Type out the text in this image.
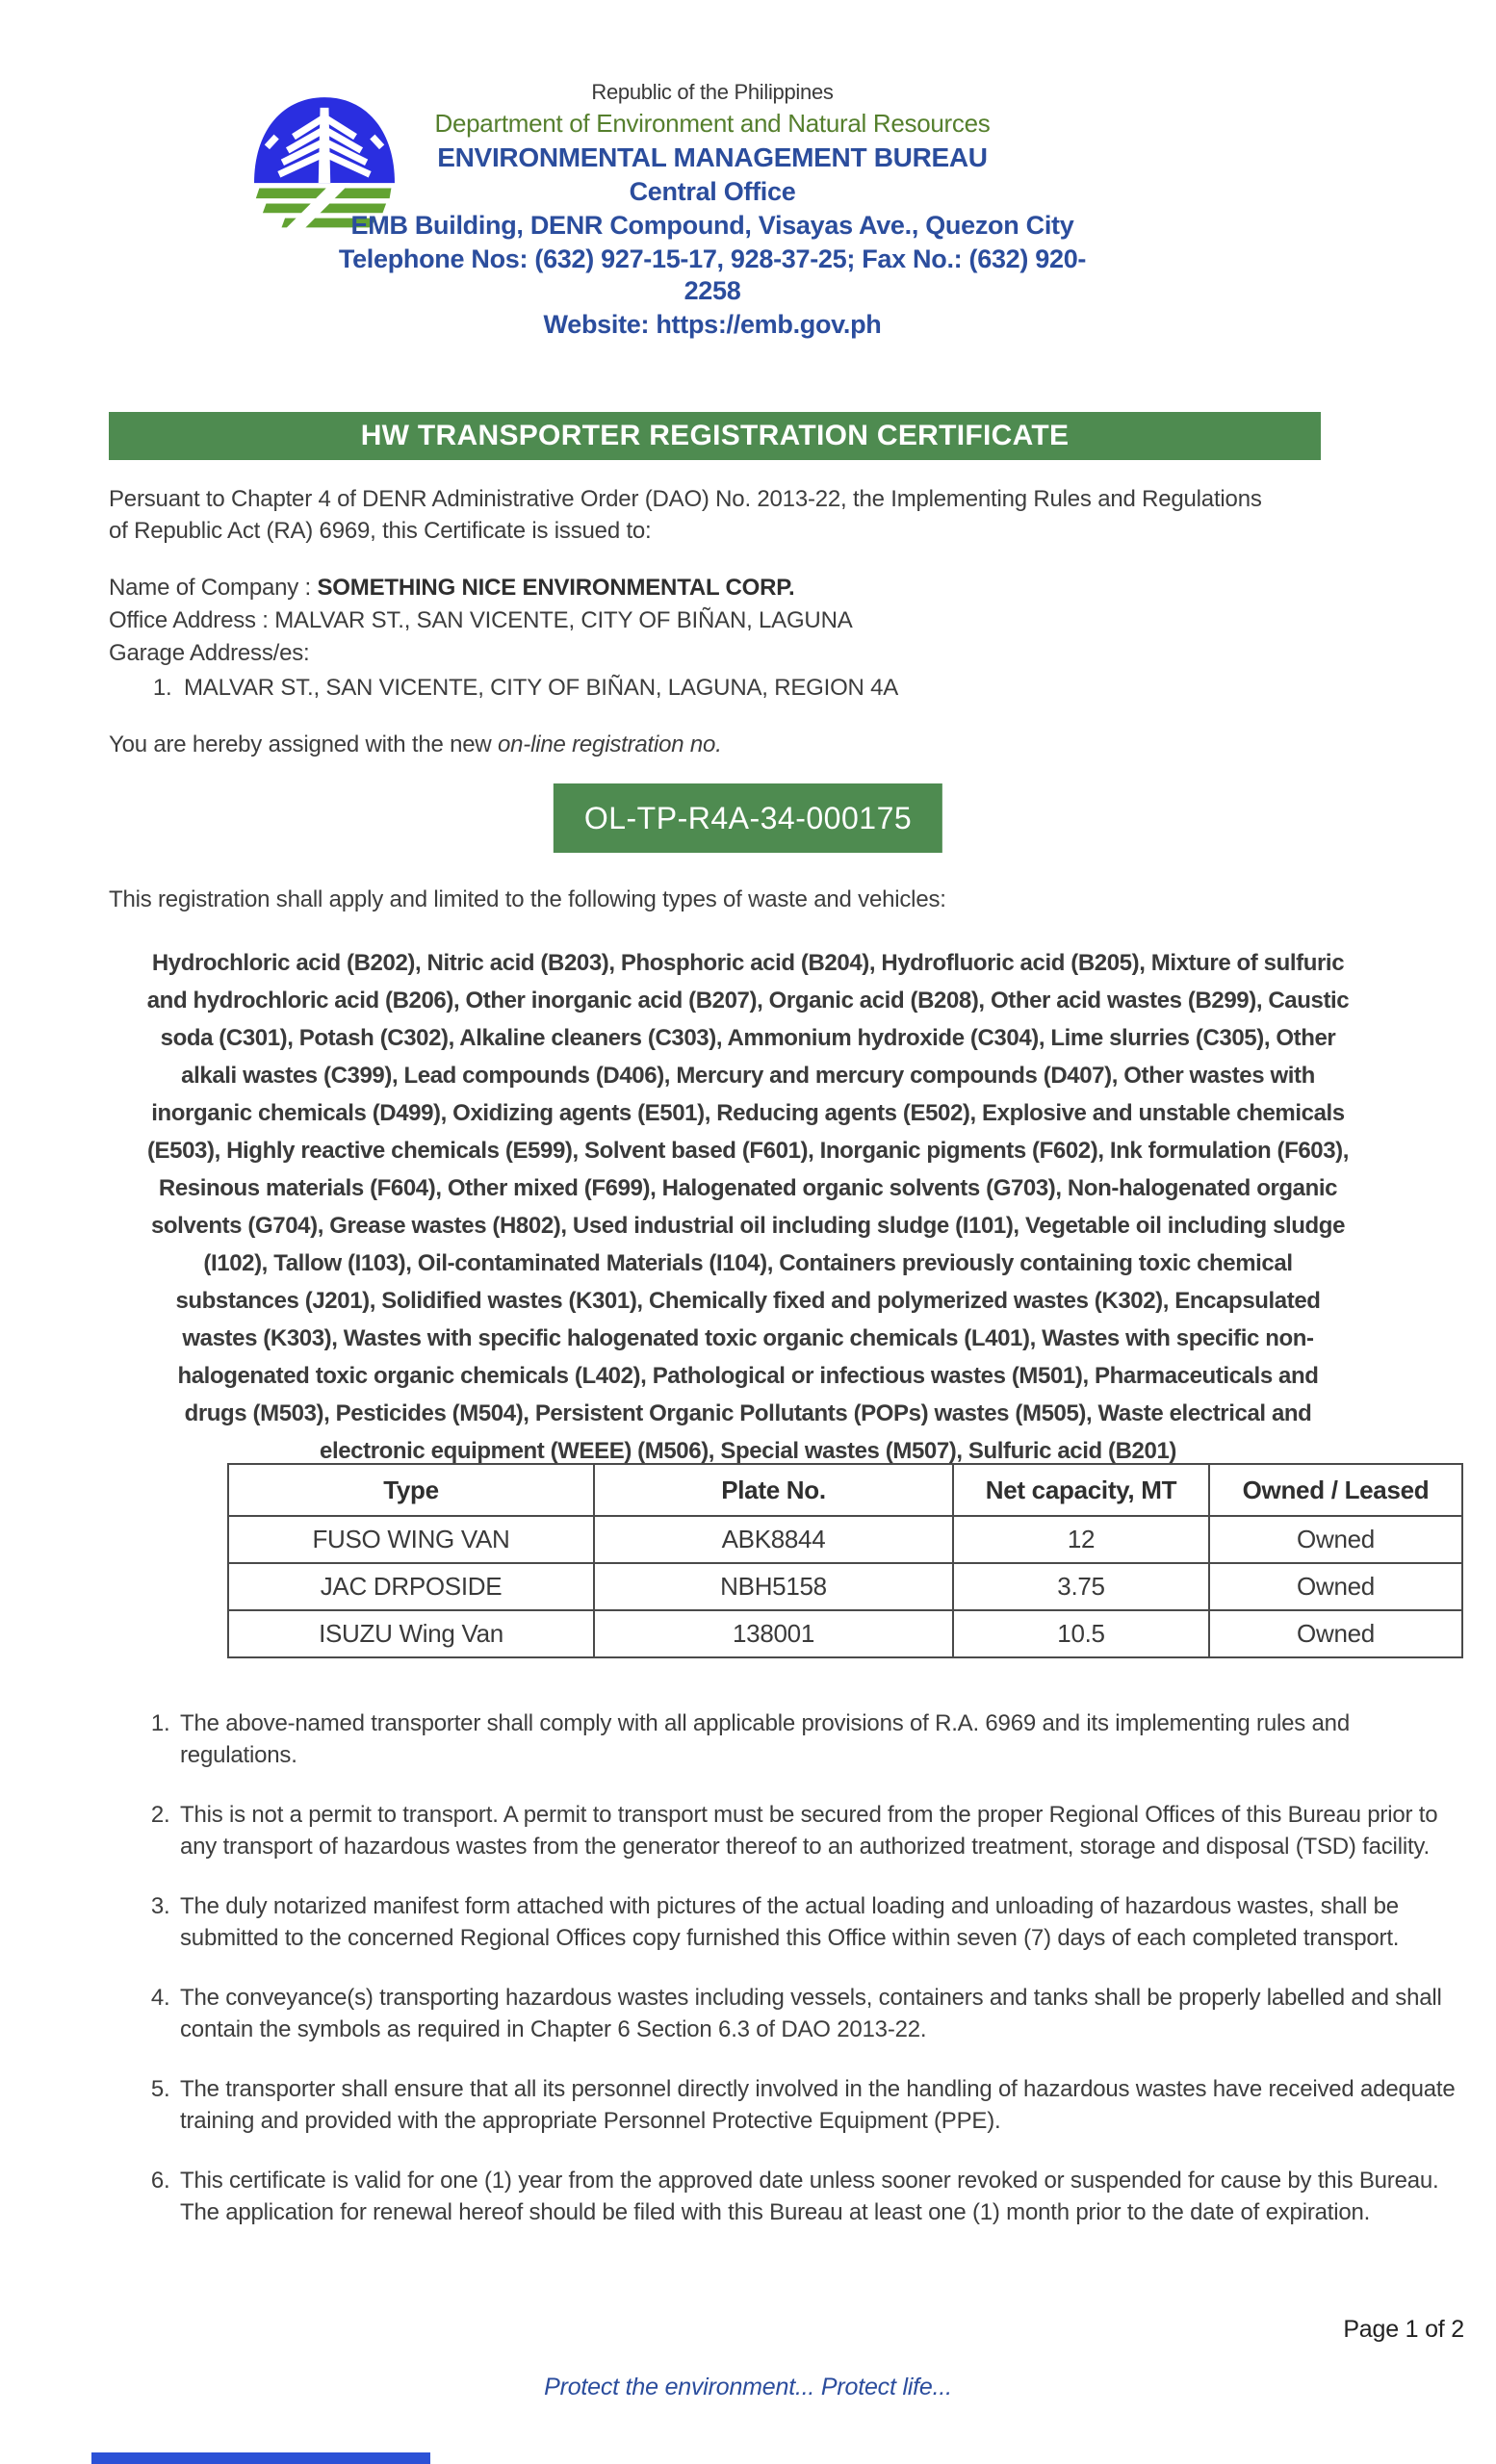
Republic of the Philippines
Department of Environment and Natural Resources
ENVIRONMENTAL MANAGEMENT BUREAU
Central Office
EMB Building, DENR Compound, Visayas Ave., Quezon City
Telephone Nos: (632) 927-15-17, 928-37-25; Fax No.: (632) 920-2258
Website: https://emb.gov.ph
HW TRANSPORTER REGISTRATION CERTIFICATE

Persuant to Chapter 4 of DENR Administrative Order (DAO) No. 2013-22, the Implementing Rules and Regulations of Republic Act (RA) 6969, this Certificate is issued to:

Name of Company : SOMETHING NICE ENVIRONMENTAL CORP.
Office Address : MALVAR ST., SAN VICENTE, CITY OF BIÑAN, LAGUNA
Garage Address/es:
1. MALVAR ST., SAN VICENTE, CITY OF BIÑAN, LAGUNA, REGION 4A

You are hereby assigned with the new on-line registration no.

OL-TP-R4A-34-000175

This registration shall apply and limited to the following types of waste and vehicles:

Hydrochloric acid (B202), Nitric acid (B203), Phosphoric acid (B204), Hydrofluoric acid (B205), Mixture of sulfuric and hydrochloric acid (B206), Other inorganic acid (B207), Organic acid (B208), Other acid wastes (B299), Caustic soda (C301), Potash (C302), Alkaline cleaners (C303), Ammonium hydroxide (C304), Lime slurries (C305), Other alkali wastes (C399), Lead compounds (D406), Mercury and mercury compounds (D407), Other wastes with inorganic chemicals (D499), Oxidizing agents (E501), Reducing agents (E502), Explosive and unstable chemicals (E503), Highly reactive chemicals (E599), Solvent based (F601), Inorganic pigments (F602), Ink formulation (F603), Resinous materials (F604), Other mixed (F699), Halogenated organic solvents (G703), Non-halogenated organic solvents (G704), Grease wastes (H802), Used industrial oil including sludge (I101), Vegetable oil including sludge (I102), Tallow (I103), Oil-contaminated Materials (I104), Containers previously containing toxic chemical substances (J201), Solidified wastes (K301), Chemically fixed and polymerized wastes (K302), Encapsulated wastes (K303), Wastes with specific halogenated toxic organic chemicals (L401), Wastes with specific non-halogenated toxic organic chemicals (L402), Pathological or infectious wastes (M501), Pharmaceuticals and drugs (M503), Pesticides (M504), Persistent Organic Pollutants (POPs) wastes (M505), Waste electrical and electronic equipment (WEEE) (M506), Special wastes (M507), Sulfuric acid (B201)

Type	Plate No.	Net capacity, MT	Owned / Leased
FUSO WING VAN	ABK8844	12	Owned
JAC DRPOSIDE	NBH5158	3.75	Owned
ISUZU Wing Van	138001	10.5	Owned
1. The above-named transporter shall comply with all applicable provisions of R.A. 6969 and its implementing rules and regulations.
2. This is not a permit to transport. A permit to transport must be secured from the proper Regional Offices of this Bureau prior to any transport of hazardous wastes from the generator thereof to an authorized treatment, storage and disposal (TSD) facility.
3. The duly notarized manifest form attached with pictures of the actual loading and unloading of hazardous wastes, shall be submitted to the concerned Regional Offices copy furnished this Office within seven (7) days of each completed transport.
4. The conveyance(s) transporting hazardous wastes including vessels, containers and tanks shall be properly labelled and shall contain the symbols as required in Chapter 6 Section 6.3 of DAO 2013-22.
5. The transporter shall ensure that all its personnel directly involved in the handling of hazardous wastes have received adequate training and provided with the appropriate Personnel Protective Equipment (PPE).
6. This certificate is valid for one (1) year from the approved date unless sooner revoked or suspended for cause by this Bureau. The application for renewal hereof should be filed with this Bureau at least one (1) month prior to the date of expiration.
Page 1 of 2
Protect the environment... Protect life...
